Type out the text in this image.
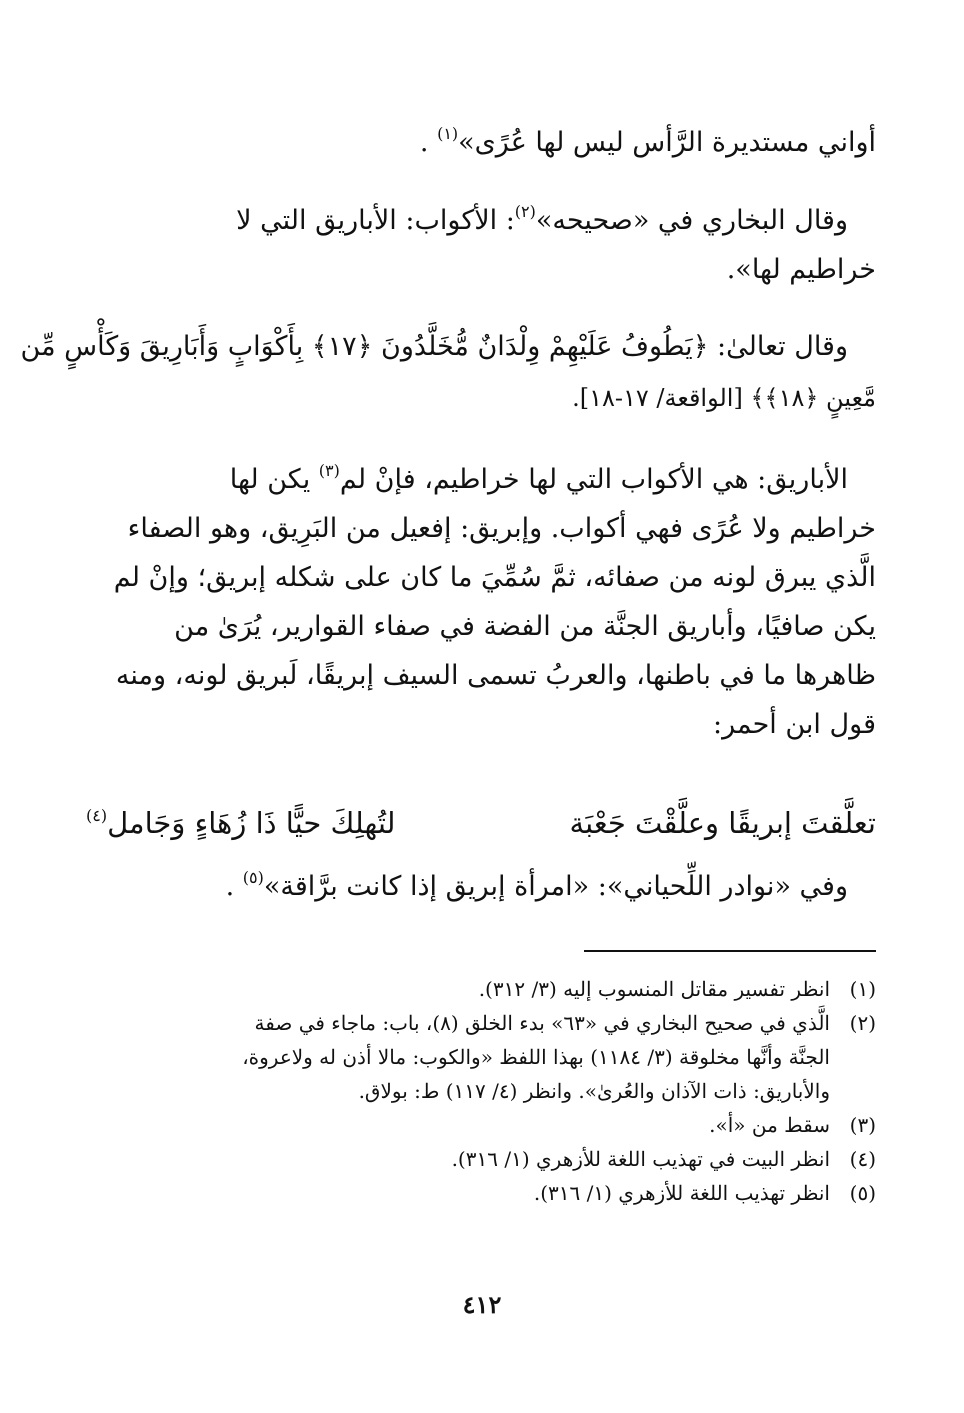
أواني مستديرة الرَّأس ليس لها عُرًى»$^{(١)}$ .
وقال البخاري في «صحيحه»$^{(٢)}$: الأكواب: الأباريق التي لا
خراطيم لها».
وقال تعالىٰ: ﴿يَطُوفُ عَلَيْهِمْ وِلْدَانٌ مُّخَلَّدُونَ ﴿١٧﴾ بِأَكْوَابٍ وَأَبَارِيقَ وَكَأْسٍ مِّن
مَّعِينٍ ﴿١٨﴾﴾ [الواقعة/ ١٧-١٨].
الأباريق: هي الأكواب التي لها خراطيم، فإنْ لم$^{(٣)}$ يكن لها
خراطيم ولا عُرًى فهي أكواب. وإبريق: إفعيل من البَرِيق، وهو الصفاء
الَّذي يبرق لونه من صفائه، ثمَّ سُمِّيَ ما كان على شكله إبريق؛ وإنْ لم
يكن صافيًا، وأباريق الجنَّة من الفضة في صفاء القوارير، يُرَىٰ من
ظاهرها ما في باطنها، والعربُ تسمى السيف إبريقًا، لَبريق لونه، ومنه
قول ابن أحمر:
تعلَّقتَ إبريقًا وعلَّقْتَ جَعْبَة
لتُهلِكَ حيًّا ذَا زُهَاءٍ وَجَامل$^{(٤)}$
وفي «نوادر اللِّحياني»: «امرأة إبريق إذا كانت برَّاقة»$^{(٥)}$ .
(١)
انظر تفسير مقاتل المنسوب إليه (٣/ ٣١٢).
(٢)
الَّذي في صحيح البخاري في «٦٣» بدء الخلق (٨)، باب: ماجاء في صفة
الجنَّة وأنَّها مخلوقة (٣/ ١١٨٤) بهذا اللفظ «والكوب: مالا أذن له ولاعروة،
والأباريق: ذات الآذان والعُرىٰ». وانظر (٤/ ١١٧) ط: بولاق.
(٣)
سقط من «أ».
(٤)
انظر البيت في تهذيب اللغة للأزهري (١/ ٣١٦).
(٥)
انظر تهذيب اللغة للأزهري (١/ ٣١٦).
٤١٢
